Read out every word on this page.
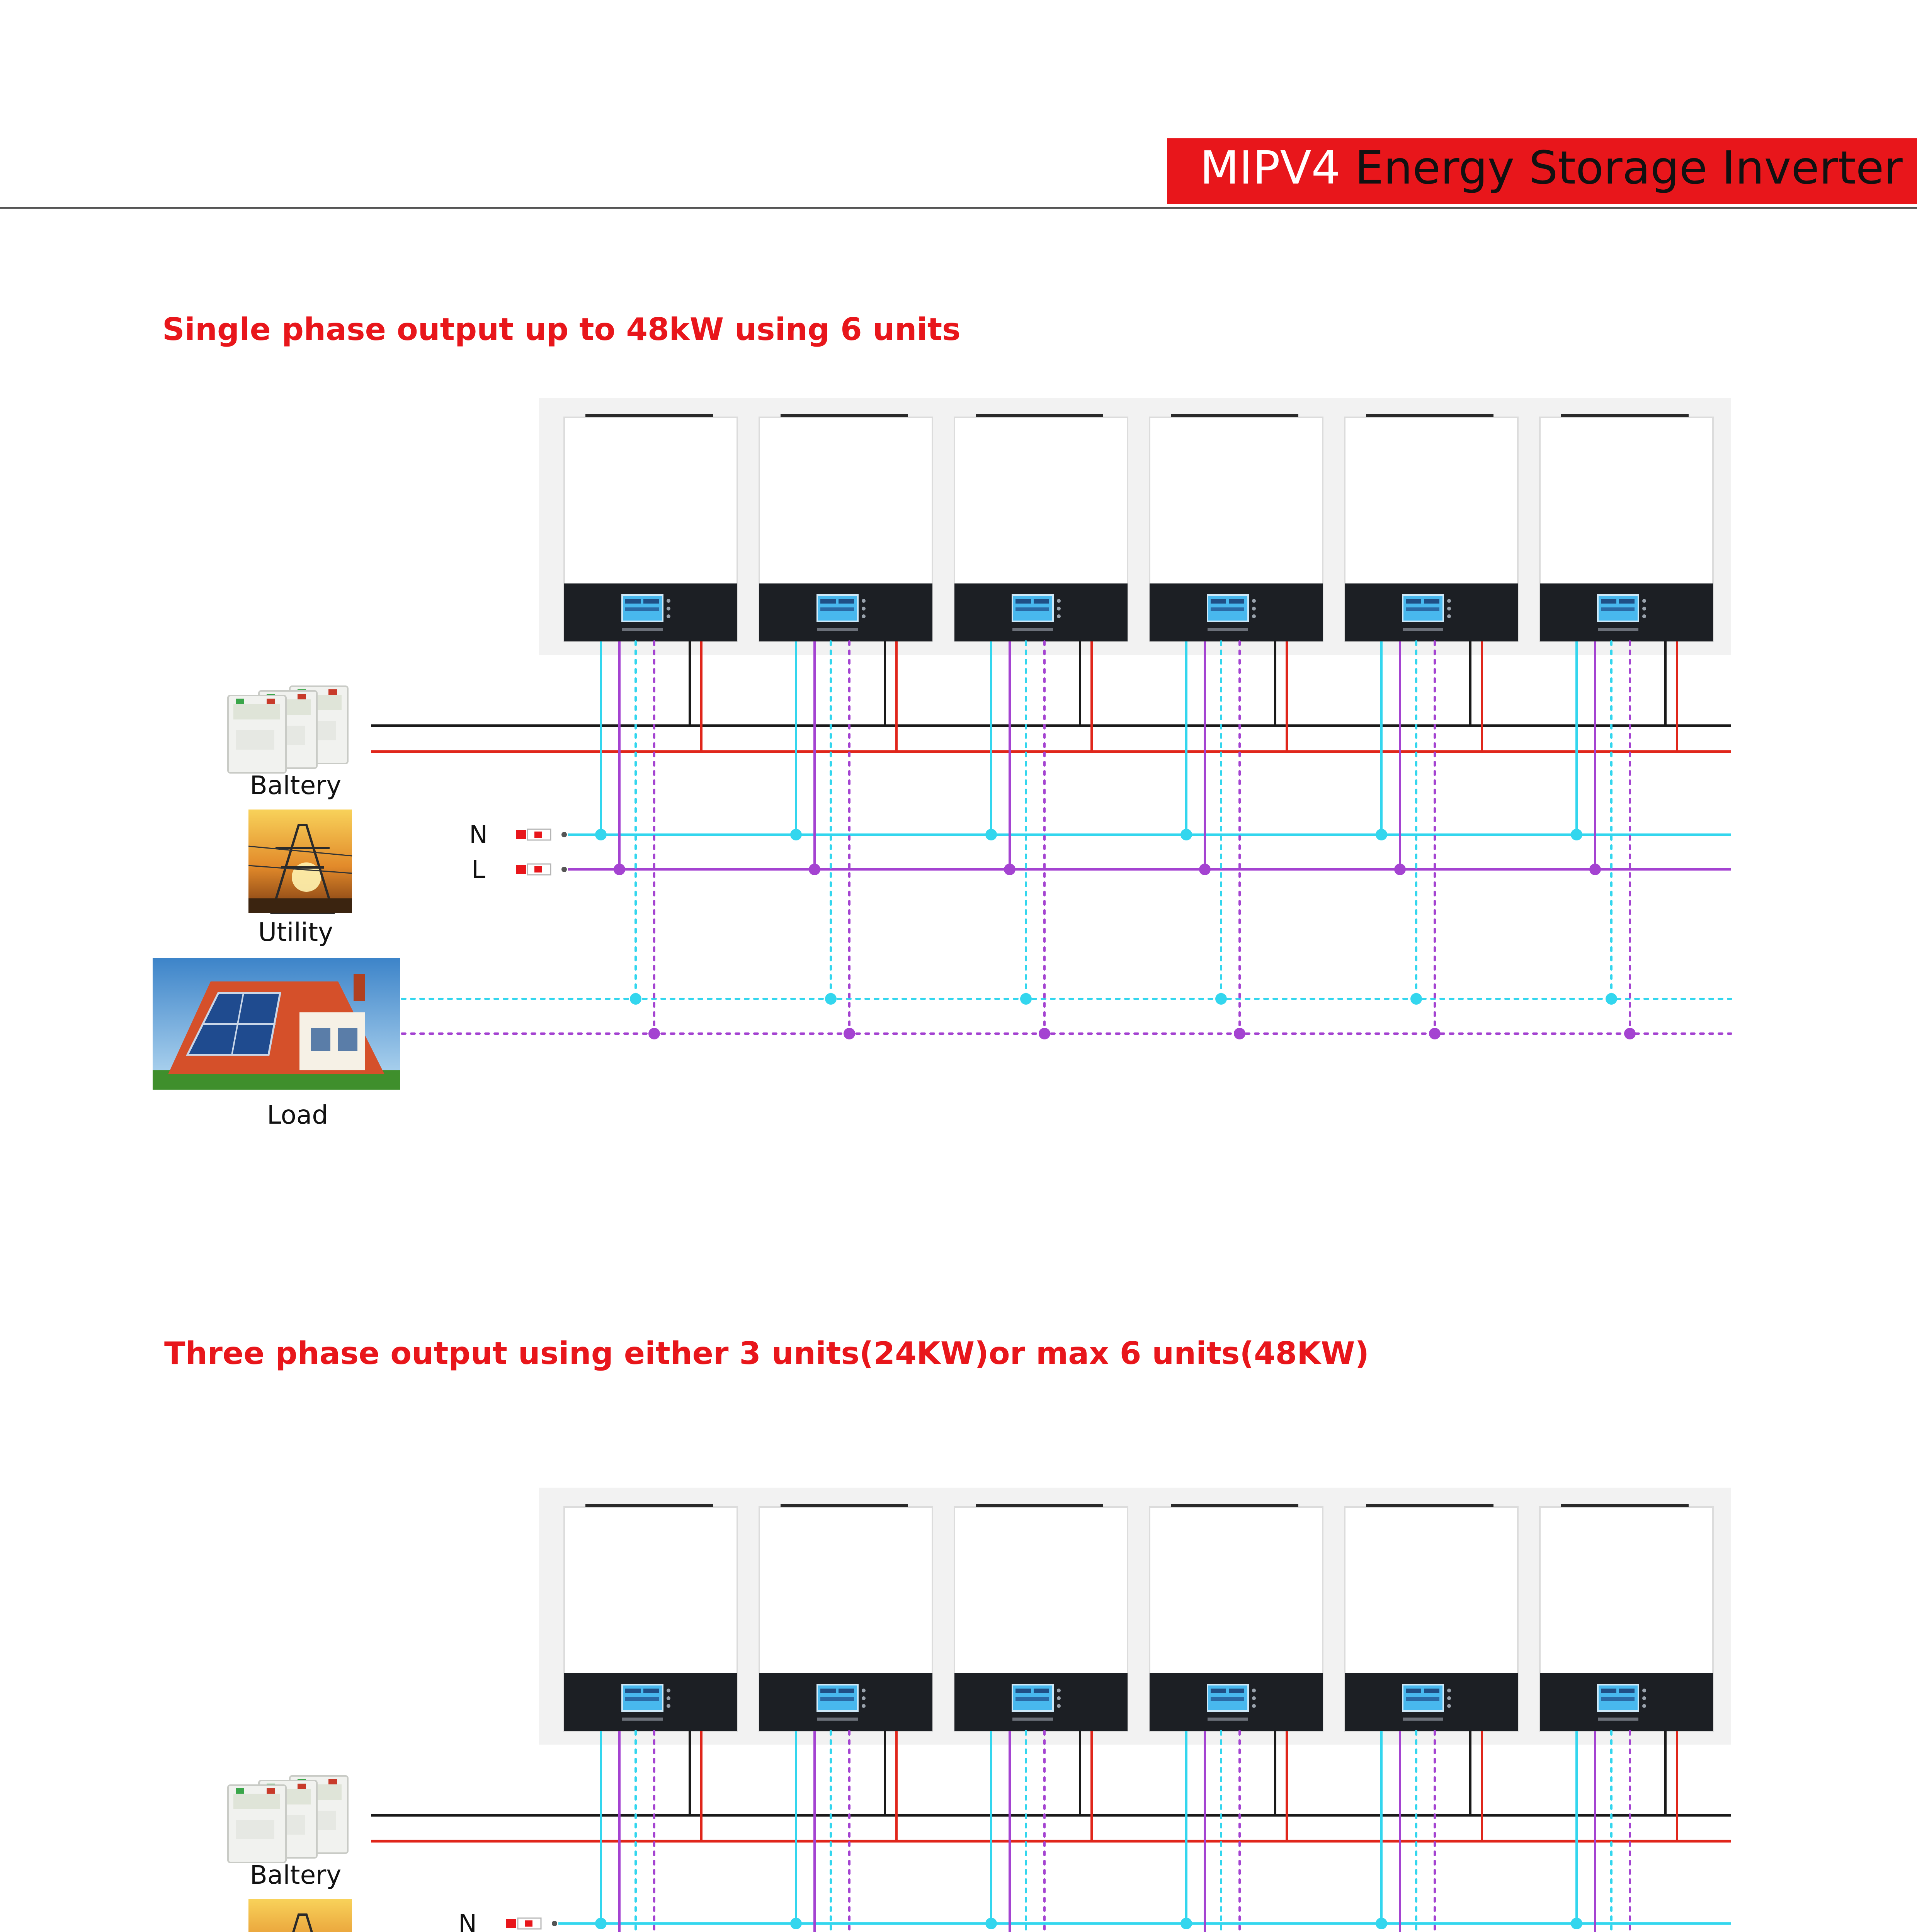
MIPV4 Energy Storage Inverter
Single phase output up to 48kW using 6 units
Three phase output using either 3 units(24KW)or max 6 units(48KW)
Baltery
Utility
Load
N
L
Baltery
N
